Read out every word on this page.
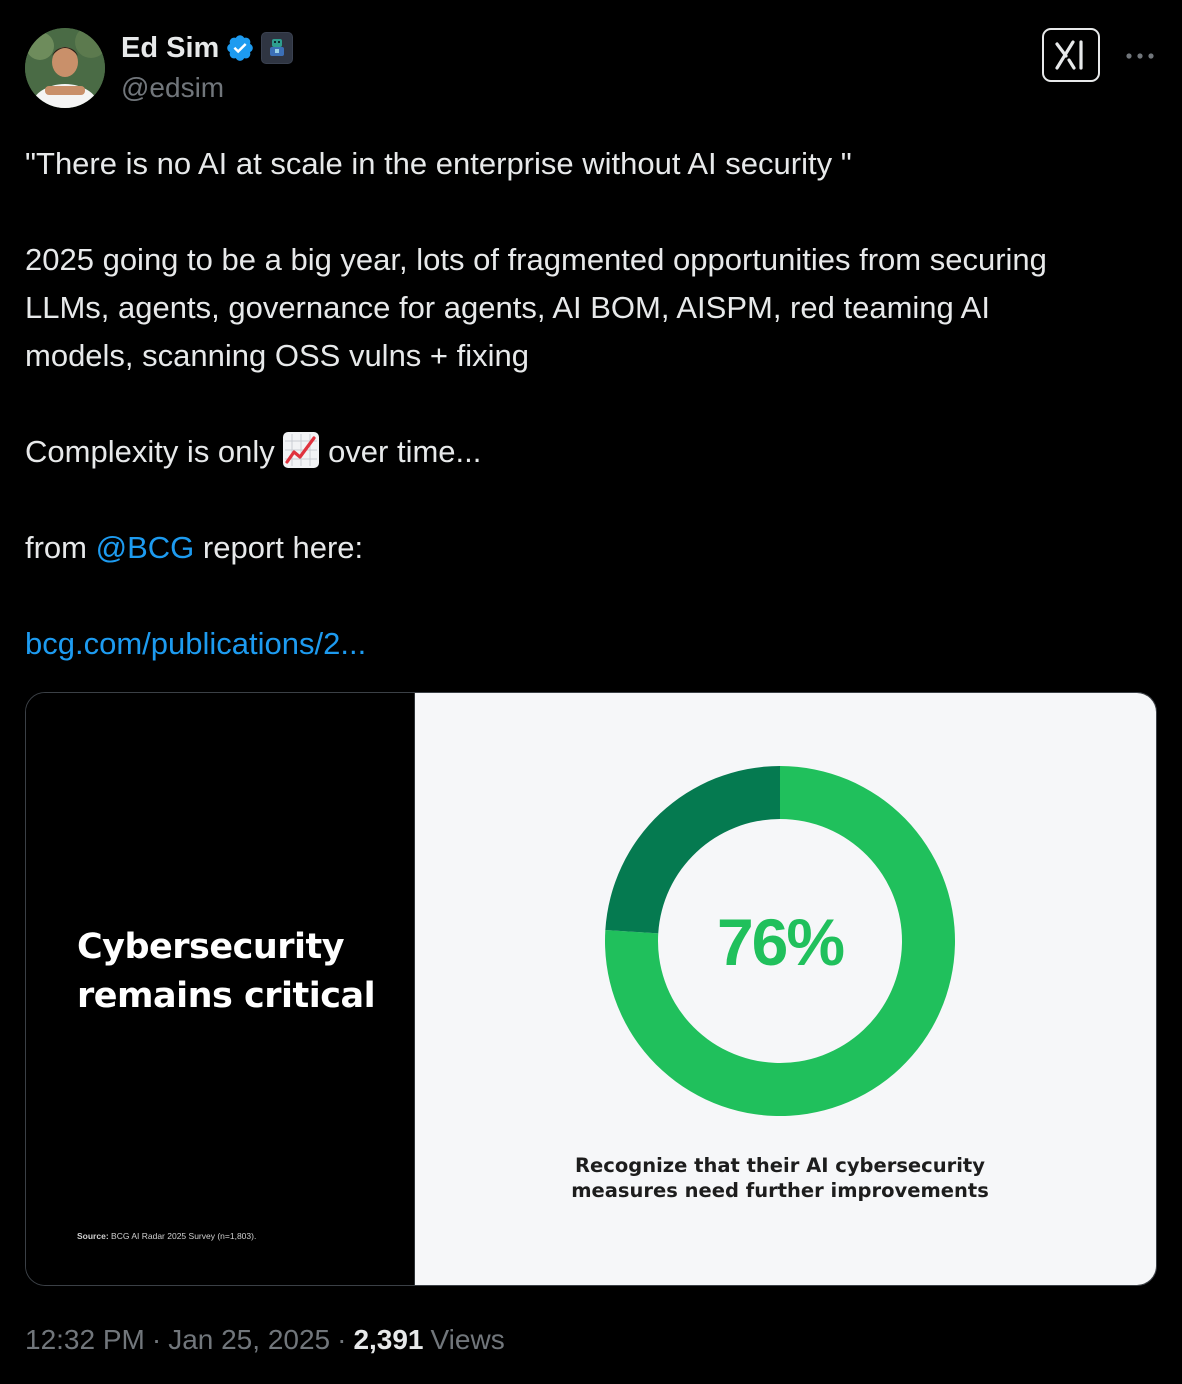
Ed Sim
@edsim

"There is no AI at scale in the enterprise without AI security "

2025 going to be a big year, lots of fragmented opportunities from securing LLMs, agents, governance for agents, AI BOM, AISPM, red teaming AI models, scanning OSS vulns + fixing

Complexity is only over time...

from @BCG report here:

bcg.com/publications/2...

Cybersecurity remains critical
Source: BCG AI Radar 2025 Survey (n=1,803).
76%
Recognize that their AI cybersecurity measures need further improvements
12:32 PM · Jan 25, 2025 · 2,391 Views
